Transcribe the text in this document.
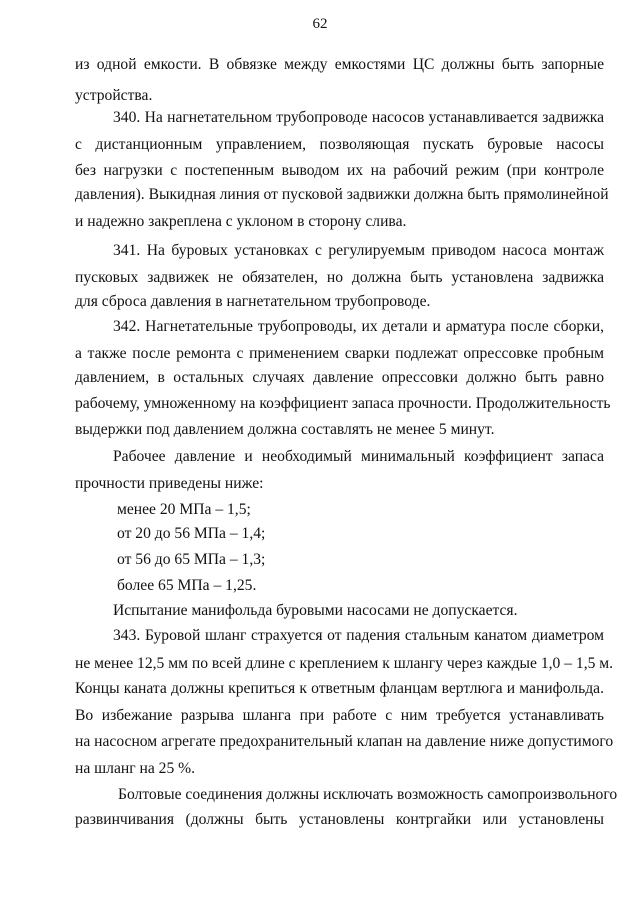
62
из одной емкости. В обвязке между емкостями ЦС должны быть запорные
устройства.
340. На нагнетательном трубопроводе насосов устанавливается задвижка
с дистанционным управлением, позволяющая пускать буровые насосы
без нагрузки с постепенным выводом их на рабочий режим (при контроле
давления). Выкидная линия от пусковой задвижки должна быть прямолинейной
и надежно закреплена с уклоном в сторону слива.
341. На буровых установках с регулируемым приводом насоса монтаж
пусковых задвижек не обязателен, но должна быть установлена задвижка
для сброса давления в нагнетательном трубопроводе.
342. Нагнетательные трубопроводы, их детали и арматура после сборки,
а также после ремонта с применением сварки подлежат опрессовке пробным
давлением, в остальных случаях давление опрессовки должно быть равно
рабочему, умноженному на коэффициент запаса прочности. Продолжительность
выдержки под давлением должна составлять не менее 5 минут.
Рабочее давление и необходимый минимальный коэффициент запаса
прочности приведены ниже:
менее 20 МПа – 1,5;
от 20 до 56 МПа – 1,4;
от 56 до 65 МПа – 1,3;
более 65 МПа – 1,25.
Испытание манифольда буровыми насосами не допускается.
343. Буровой шланг страхуется от падения стальным канатом диаметром
не менее 12,5 мм по всей длине с креплением к шлангу через каждые 1,0 – 1,5 м.
Концы каната должны крепиться к ответным фланцам вертлюга и манифольда.
Во избежание разрыва шланга при работе с ним требуется устанавливать
на насосном агрегате предохранительный клапан на давление ниже допустимого
на шланг на 25 %.
Болтовые соединения должны исключать возможность самопроизвольного
развинчивания (должны быть установлены контргайки или установлены
